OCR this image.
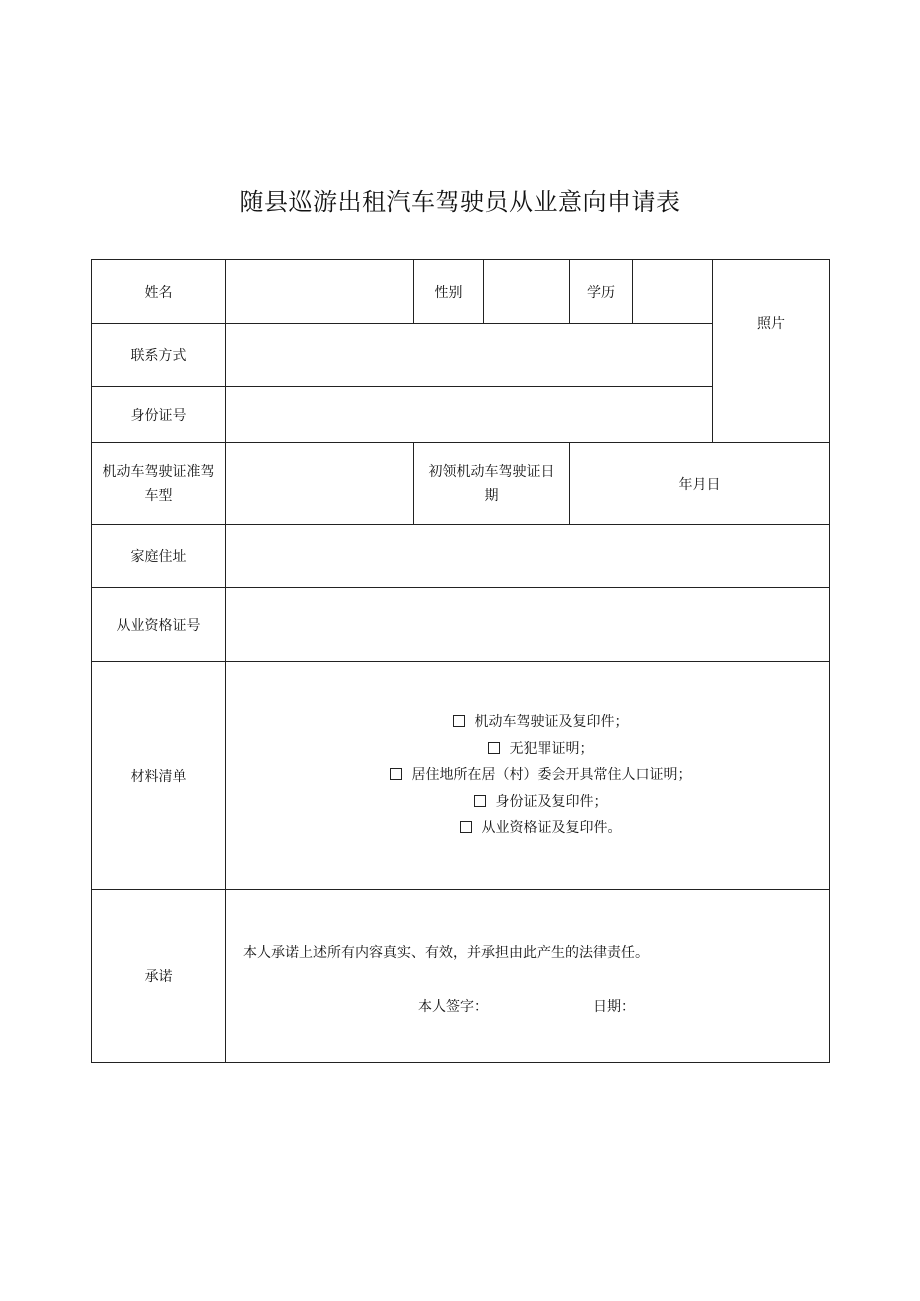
随县巡游出租汽车驾驶员从业意向申请表
姓名		性别		学历		照片
联系方式						
身份证号						

机动车驾驶证准驾车型		初领机动车驾驶证日期		年月日		
家庭住址						
从业资格证号						
材料清单	机动车驾驶证及复印件；
无犯罪证明；
居住地所在居（村）委会开具常住人口证明；
身份证及复印件；
从业资格证及复印件。					

承诺	本人承诺上述所有内容真实、有效，并承担由此产生的法律责任。
本人签字： 日期：					
